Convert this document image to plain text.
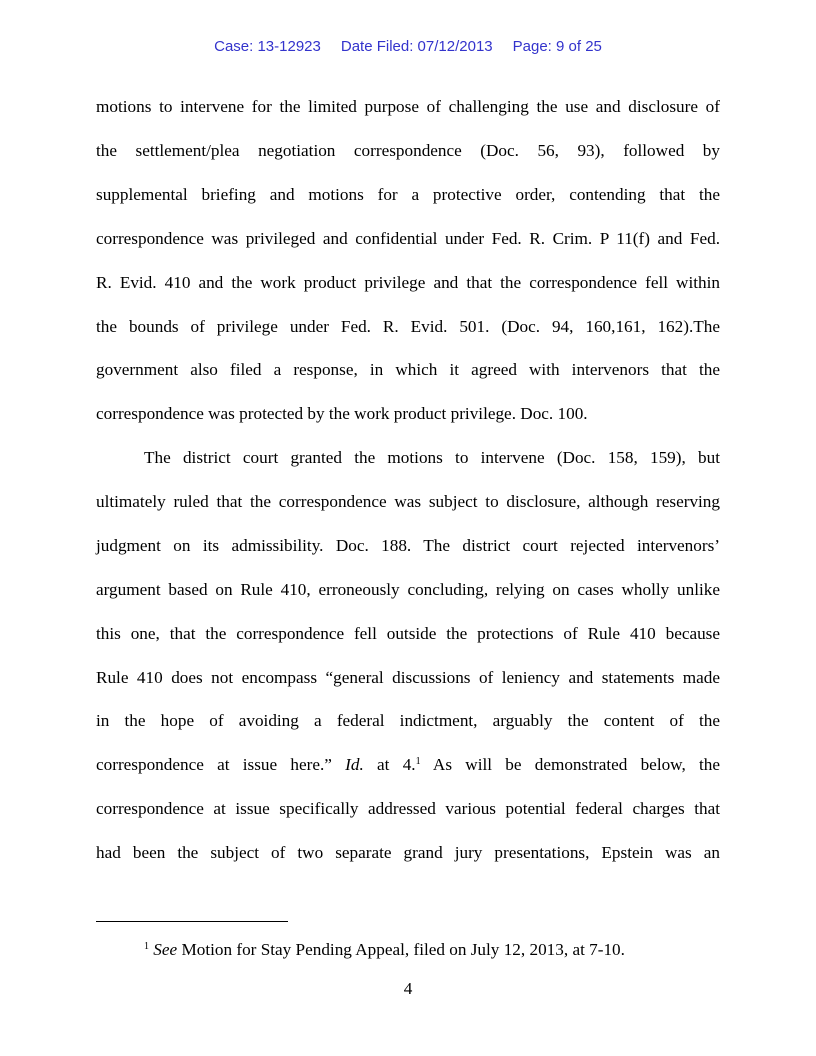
Case: 13-12923 Date Filed: 07/12/2013 Page: 9 of 25
motions to intervene for the limited purpose of challenging the use and disclosure of
the settlement/plea negotiation correspondence (Doc. 56, 93), followed by
supplemental briefing and motions for a protective order, contending that the
correspondence was privileged and confidential under Fed. R. Crim. P 11(f) and Fed.
R. Evid. 410 and the work product privilege and that the correspondence fell within
the bounds of privilege under Fed. R. Evid. 501. (Doc. 94, 160,161, 162).The
government also filed a response, in which it agreed with intervenors that the
correspondence was protected by the work product privilege. Doc. 100.
The district court granted the motions to intervene (Doc. 158, 159), but
ultimately ruled that the correspondence was subject to disclosure, although reserving
judgment on its admissibility. Doc. 188. The district court rejected intervenors’
argument based on Rule 410, erroneously concluding, relying on cases wholly unlike
this one, that the correspondence fell outside the protections of Rule 410 because
Rule 410 does not encompass “general discussions of leniency and statements made
in the hope of avoiding a federal indictment, arguably the content of the
correspondence at issue here.” Id. at 4.$^1$ As will be demonstrated below, the
correspondence at issue specifically addressed various potential federal charges that
had been the subject of two separate grand jury presentations, Epstein was an
$^1$ See Motion for Stay Pending Appeal, filed on July 12, 2013, at 7-10.
4
